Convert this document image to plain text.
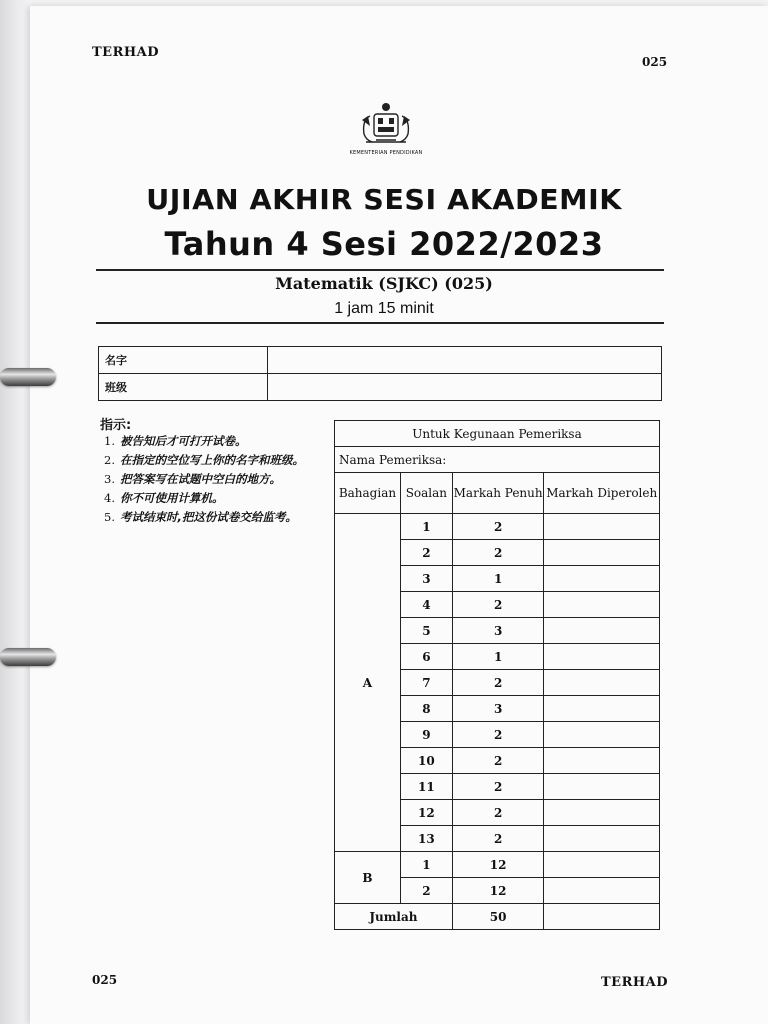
TERHAD
025
KEMENTERIAN PENDIDIKAN
UJIAN AKHIR SESI AKADEMIK
Tahun 4 Sesi 2022/2023
Matematik (SJKC) (025)
1 jam 15 minit
名字	
班级	
指示:
1. 被告知后才可打开试卷。
2. 在指定的空位写上你的名字和班级。
3. 把答案写在试题中空白的地方。
4. 你不可使用计算机。
5. 考试结束时,把这份试卷交给监考。
Untuk Kegunaan Pemeriksa			
Nama Pemeriksa:			
Bahagian	Soalan	Markah Penuh	Markah Diperoleh
A	1	2	
	2	2	
	3	1	
	4	2	
	5	3	
	6	1	
	7	2	
	8	3	
	9	2	
	10	2	
	11	2	
	12	2	
	13	2	
B	1	12	
	2	12	
Jumlah		50	
025	TERHAD
